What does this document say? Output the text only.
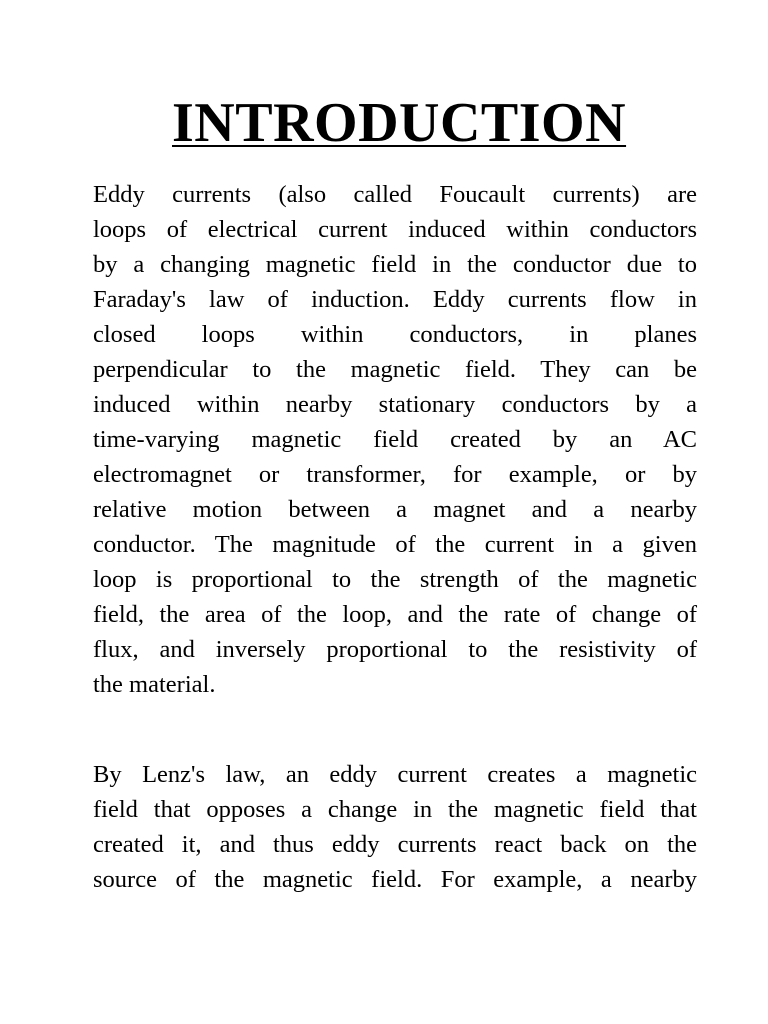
INTRODUCTION
Eddy currents (also called Foucault currents) are
loops of electrical current induced within conductors
by a changing magnetic field in the conductor due to
Faraday's law of induction. Eddy currents flow in
closed loops within conductors, in planes
perpendicular to the magnetic field. They can be
induced within nearby stationary conductors by a
time-varying magnetic field created by an AC
electromagnet or transformer, for example, or by
relative motion between a magnet and a nearby
conductor. The magnitude of the current in a given
loop is proportional to the strength of the magnetic
field, the area of the loop, and the rate of change of
flux, and inversely proportional to the resistivity of
the material.
By Lenz's law, an eddy current creates a magnetic
field that opposes a change in the magnetic field that
created it, and thus eddy currents react back on the
source of the magnetic field. For example, a nearby
